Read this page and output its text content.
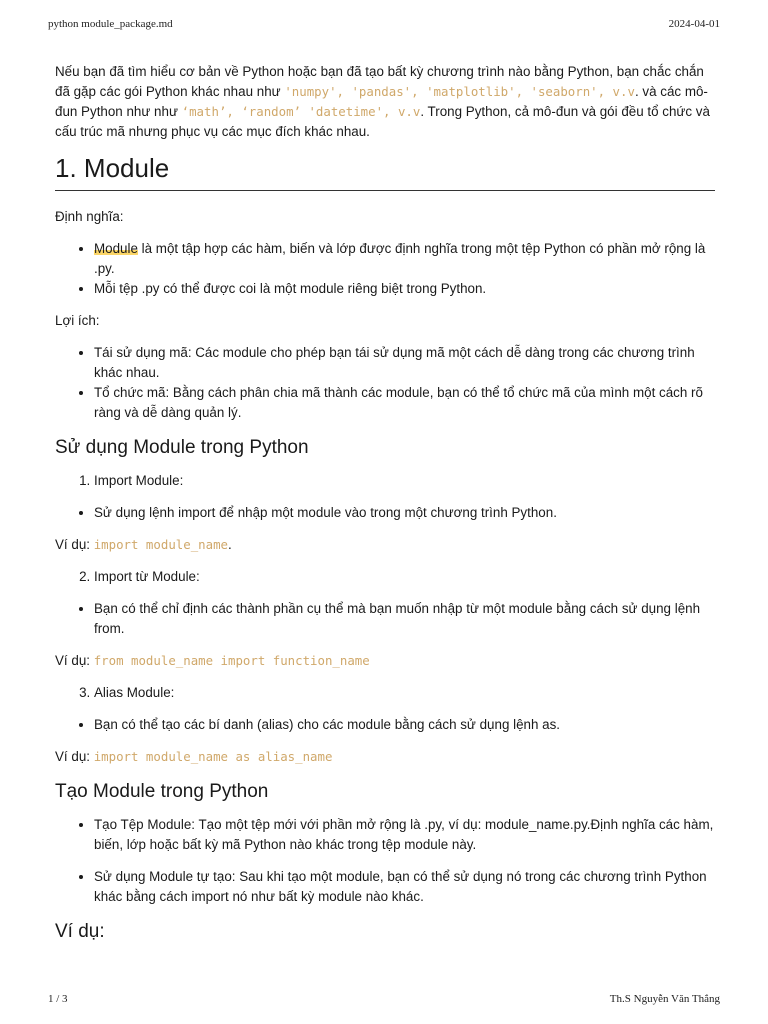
python module_package.md	2024-04-01

Nếu bạn đã tìm hiểu cơ bản về Python hoặc bạn đã tạo bất kỳ chương trình nào bằng Python, bạn chắc chắn đã gặp các gói Python khác nhau như 'numpy', 'pandas', 'matplotlib', 'seaborn', v.v. và các mô-đun Python như như ‘math’, ‘random’ 'datetime', v.v. Trong Python, cả mô-đun và gói đều tổ chức và cấu trúc mã nhưng phục vụ các mục đích khác nhau.

1. Module

Định nghĩa:

• Module là một tập hợp các hàm, biến và lớp được định nghĩa trong một tệp Python có phần mở rộng là .py.
• Mỗi tệp .py có thể được coi là một module riêng biệt trong Python.

Lợi ích:

• Tái sử dụng mã: Các module cho phép bạn tái sử dụng mã một cách dễ dàng trong các chương trình khác nhau.
• Tổ chức mã: Bằng cách phân chia mã thành các module, bạn có thể tổ chức mã của mình một cách rõ ràng và dễ dàng quản lý.
Sử dụng Module trong Python
1. Import Module:
• Sử dụng lệnh import để nhập một module vào trong một chương trình Python.

Ví dụ: import module_name.

2. Import từ Module:
• Bạn có thể chỉ định các thành phần cụ thể mà bạn muốn nhập từ một module bằng cách sử dụng lệnh from.

Ví dụ: from module_name import function_name

3. Alias Module:
• Bạn có thể tạo các bí danh (alias) cho các module bằng cách sử dụng lệnh as.

Ví dụ: import module_name as alias_name

Tạo Module trong Python
• Tạo Tệp Module: Tạo một tệp mới với phần mở rộng là .py, ví dụ: module_name.py.Định nghĩa các hàm, biến, lớp hoặc bất kỳ mã Python nào khác trong tệp module này.
• Sử dụng Module tự tạo: Sau khi tạo một module, bạn có thể sử dụng nó trong các chương trình Python khác bằng cách import nó như bất kỳ module nào khác.
Ví dụ:
1 / 3	Th.S Nguyễn Văn Thắng
